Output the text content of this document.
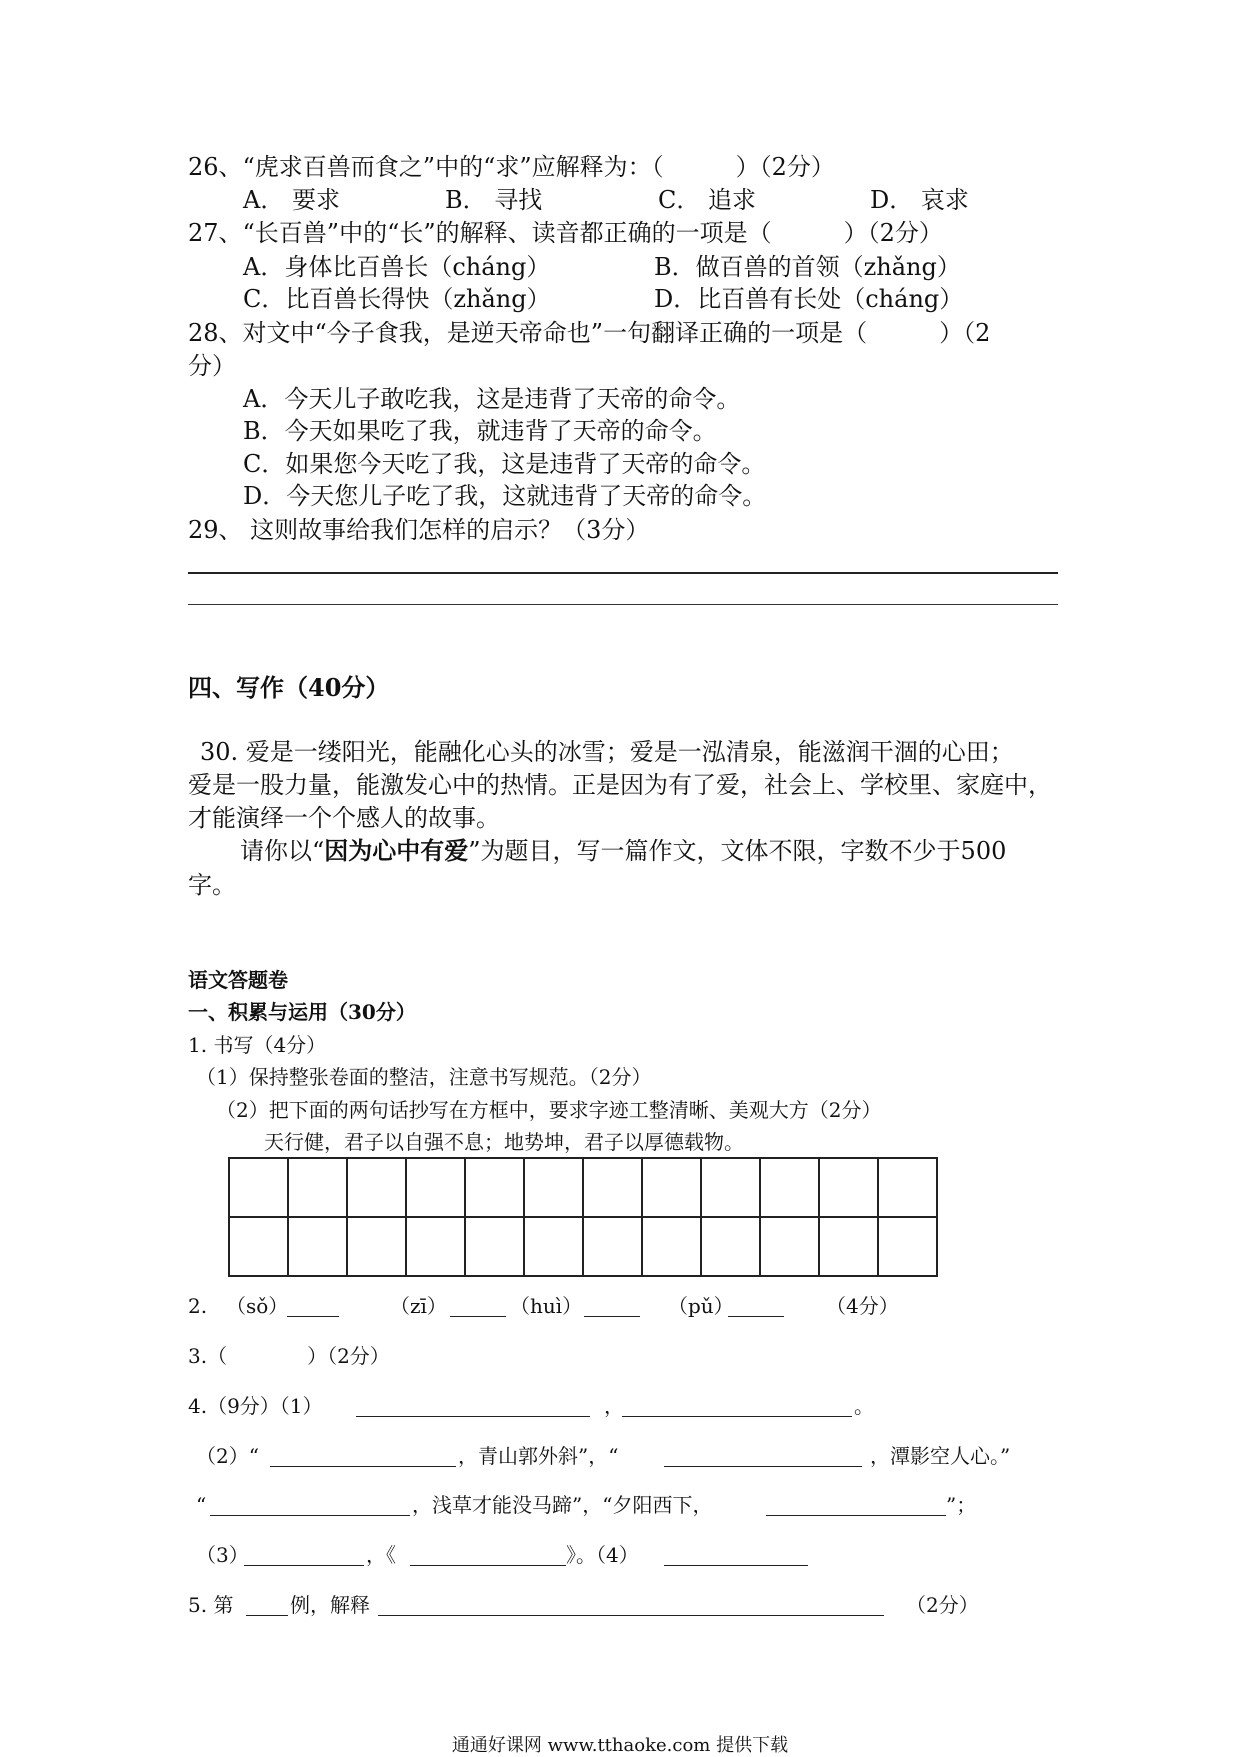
26、“虎求百兽而食之”中的“求”应解释为：（　　　）（2分）
A． 要求	B． 寻找	C． 追求	D． 哀求
27、“长百兽”中的“长”的解释、读音都正确的一项是（　　　）（2分）
A．身体比百兽长（cháng）	B．做百兽的首领（zhǎng）
C．比百兽长得快（zhǎng）	D．比百兽有长处（cháng）
28、对文中“今子食我，是逆天帝命也”一句翻译正确的一项是（　　　）（2
分）
A．今天儿子敢吃我，这是违背了天帝的命令。
B．今天如果吃了我，就违背了天帝的命令。
C．如果您今天吃了我，这是违背了天帝的命令。
D．今天您儿子吃了我，这就违背了天帝的命令。
29、 这则故事给我们怎样的启示？（3分）
四、写作（40分）
30. 爱是一缕阳光，能融化心头的冰雪；爱是一泓清泉，能滋润干涸的心田；
爱是一股力量，能激发心中的热情。正是因为有了爱，社会上、学校里、家庭中，
才能演绎一个个感人的故事。
请你以“因为心中有爱”为题目，写一篇作文，文体不限，字数不少于500
字。
语文答题卷
一、积累与运用（30分）
1. 书写（4分）
（1）保持整张卷面的整洁，注意书写规范。（2分）
（2）把下面的两句话抄写在方框中，要求字迹工整清晰、美观大方（2分）
天行健，君子以自强不息；地势坤，君子以厚德载物。
2. （sǒ）	（zī）	（huì）	（pǔ）	（4分）
3.（　　　　）（2分）
4.（9分）（1）	，	。
（2）“	，青山郭外斜”，“	，潭影空人心。”
“	，浅草才能没马蹄”，“夕阳西下，	”；
（3）	，《	》。（4）
5. 第	例，解释	（2分）
通通好课网 www.tthaoke.com 提供下载
